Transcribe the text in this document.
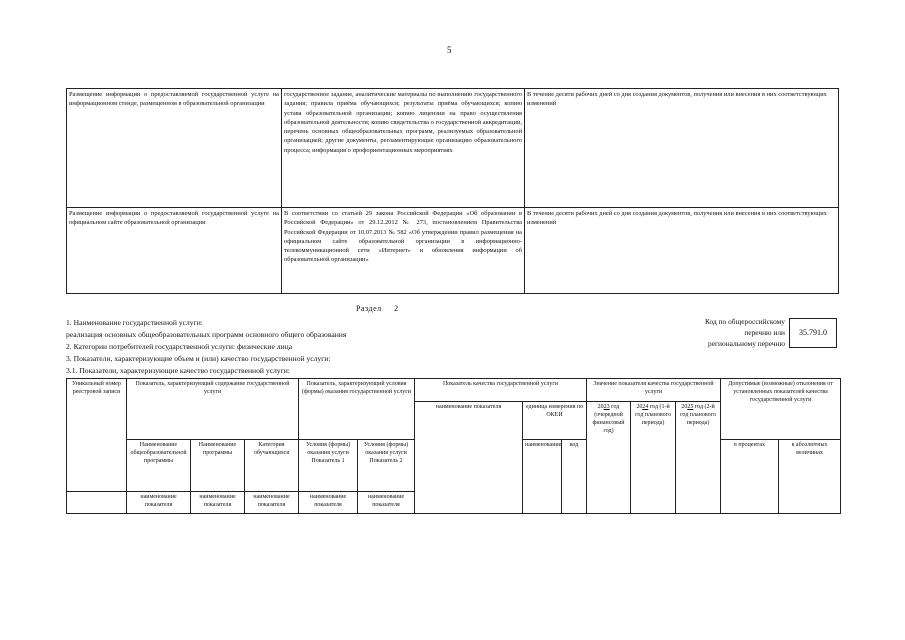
5
Размещение информации о предоставляемой государственной услуге на информационном стенде, размещенном в образовательной организации	государственное задание, аналитические материалы по выполнению государственного задания; правила приёма обучающихся; результаты приёма обучающихся; копию устава образовательной организации; копию лицензии на право осуществления образовательной деятельности; копию свидетельства о государственной аккредитации, перечень основных общеобразовательных программ, реализуемых образовательной организацией; другие документы, регламентирующие организацию образовательного процесса; информация о профориентационных мероприятиях	В течение десяти рабочих дней со дня создания документов, получения или внесения в них соответствующих изменений
Размещение информации о предоставляемой государственной услуге на официальном сайте образовательной организации	В соответствии со статьей 29 закона Российской Федерации «Об образовании в Российской Федерации» от 29.12.2012 № 273, постановлением Правительства Российской Федерации от 10.07.2013 № 582 «Об утверждении правил размещения на официальном сайте образовательной организации в информационно-телекоммуникационной сети «Интернет» и обновления информации об образовательной организации»	В течение десяти рабочих дней со дня создания документов, получения или внесения в них соответствующих изменений
Раздел 2
1. Наименование государственной услуги:
реализация основных общеобразовательных программ основного общего образования
2. Категории потребителей государственной услуги: физические лица
3. Показатели, характеризующие объем и (или) качество государственной услуги:
3.1. Показатели, характеризующие качество государственной услуги:
Код по общероссийскому
перечню или
региональному перечню
35.791.0
Уникальный номер реестровой записи	Показатель, характеризующий содержание государственной услуги			Показатель, характеризующий условия (формы) оказания государственной услуги		Показатель качества государственной услуги			Значение показателя качества государственной услуги			Допустимые (возможные) отклонения от установленных показателей качества государственной услуги	
						наименование показателя	единица измерения по ОКЕИ		2023 год (очередной финансовый год)	2024 год (1-й год планового периода)	2025 год (2-й год планового периода)		
	Наименование общеобразовательной программы	Наименование программы	Категория обучающихся	Условия (формы) оказания услуги Показатель 1	Условия (формы) оказания услуги Показатель 2		наименование	код				в процентах	в абсолютных величинах
	наименование показателя	наименование показателя	наименование показателя	наименование показателя	наименование показателя								
